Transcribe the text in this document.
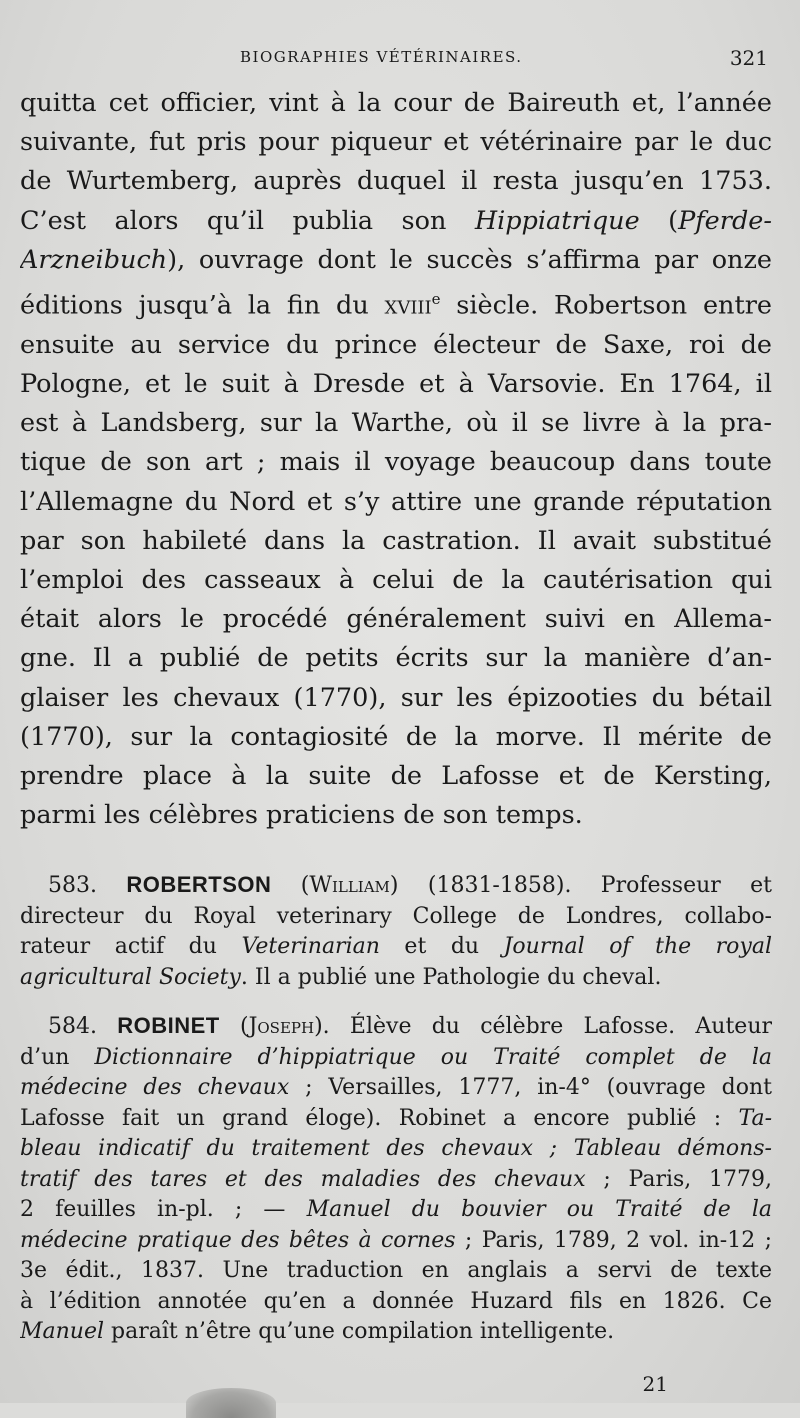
BIOGRAPHIES VÉTÉRINAIRES.	321
quitta cet officier, vint à la cour de Baireuth et, l’année
suivante, fut pris pour piqueur et vétérinaire par le duc
de Wurtemberg, auprès duquel il resta jusqu’en 1753.
C’est alors qu’il publia son Hippiatrique (Pferde-
Arzneibuch), ouvrage dont le succès s’affirma par onze
éditions jusqu’à la fin du xviii$^e$ siècle. Robertson entre
ensuite au service du prince électeur de Saxe, roi de
Pologne, et le suit à Dresde et à Varsovie. En 1764, il
est à Landsberg, sur la Warthe, où il se livre à la pra-
tique de son art ; mais il voyage beaucoup dans toute
l’Allemagne du Nord et s’y attire une grande réputation
par son habileté dans la castration. Il avait substitué
l’emploi des casseaux à celui de la cautérisation qui
était alors le procédé généralement suivi en Allema-
gne. Il a publié de petits écrits sur la manière d’an-
glaiser les chevaux (1770), sur les épizooties du bétail
(1770), sur la contagiosité de la morve. Il mérite de
prendre place à la suite de Lafosse et de Kersting,
parmi les célèbres praticiens de son temps.
583. ROBERTSON (William) (1831-1858). Professeur et
directeur du Royal veterinary College de Londres, collabo-
rateur actif du Veterinarian et du Journal of the royal
agricultural Society. Il a publié une Pathologie du cheval.
584. ROBINET (Joseph). Élève du célèbre Lafosse. Auteur
d’un Dictionnaire d’hippiatrique ou Traité complet de la
médecine des chevaux ; Versailles, 1777, in-4° (ouvrage dont
Lafosse fait un grand éloge). Robinet a encore publié : Ta-
bleau indicatif du traitement des chevaux ; Tableau démons-
tratif des tares et des maladies des chevaux ; Paris, 1779,
2 feuilles in-pl. ; — Manuel du bouvier ou Traité de la
médecine pratique des bêtes à cornes ; Paris, 1789, 2 vol. in-12 ;
3e édit., 1837. Une traduction en anglais a servi de texte
à l’édition annotée qu’en a donnée Huzard fils en 1826. Ce
Manuel paraît n’être qu’une compilation intelligente.
21
